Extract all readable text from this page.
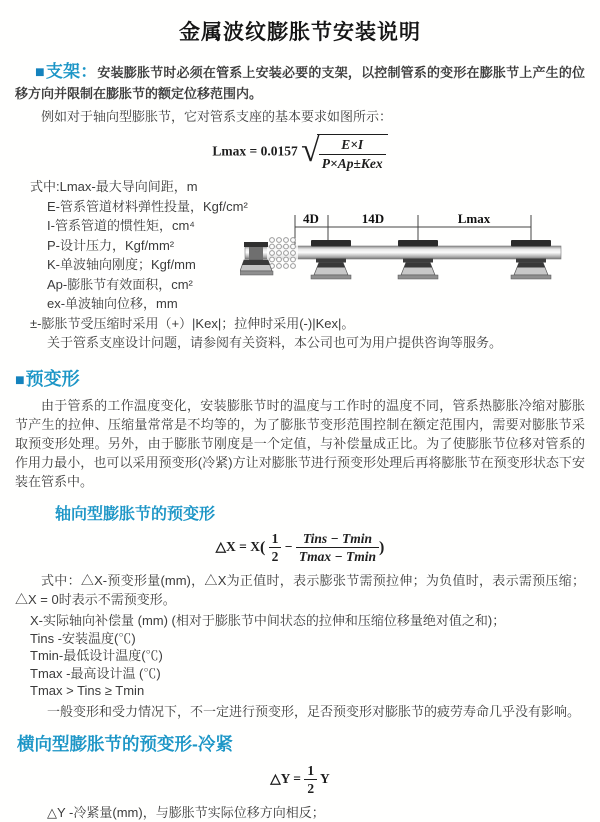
金属波纹膨胀节安装说明

■支架：安装膨胀节时必须在管系上安装必要的支架，以控制管系的变形在膨胀节上产生的位移方向并限制在膨胀节的额定位移范围内。

例如对于轴向型膨胀节，它对管系支座的基本要求如图所示：

Lmax = 0.0157 √ $\frac{E\times I}{\text{P×Ap±Kex}}$
式中:Lmax-最大导向间距，m
E-管系管道材料弹性投量，Kgf/cm²
I-管系管道的惯性矩，cm⁴
P-设计压力，Kgf/mm²
K-单波轴向刚度；Kgf/mm
Ap-膨胀节有效面积，cm²
ex-单波轴向位移，mm
±-膨胀节受压缩时采用（+）|Kex|；拉伸时采用(-)|Kex|。
关于管系支座设计问题，请参阅有关资料，本公司也可为用户提供咨询等服务。
4D	14D	Lmax
■预变形

由于管系的工作温度变化，安装膨胀节时的温度与工作时的温度不同，管系热膨胀冷缩对膨胀节产生的拉伸、压缩量常常是不均等的，为了膨胀节变形范围控制在额定范围内，需要对膨胀节采取预变形处理。另外，由于膨胀节刚度是一个定值，与补偿量成正比。为了使膨胀节位移对管系的作用力最小，也可以采用预变形(冷紧)方让对膨胀节进行预变形处理后再将膨胀节在预变形状态下安装在管系中。

轴向型膨胀节的预变形
△X = $X( \frac{1}{2} - \frac{\text{Tins − Tmin}}{Tmax - Tmin}$ )

式中：△X-预变形量(mm)，△X为正值时，表示膨张节需预拉伸；为负值时，表示需预压缩；△X = 0时表示不需预变形。

X-实际轴向补偿量 (mm) (相对于膨胀节中间状态的拉伸和压缩位移量绝对值之和)；
Tins -安装温度(℃)
Tmin-最低设计温度(℃)
Tmax -最高设计温 (℃)
Tmax > Tins ≥ Tmin
一般变形和受力情况下，不一定进行预变形，足否预变形对膨胀节的疲劳寿命几乎没有影响。
横向型膨胀节的预变形-冷紧
△Y = $\frac{1}{2}$ Y
△Y -冷紧量(mm)，与膨胀节实际位移方向相反；
